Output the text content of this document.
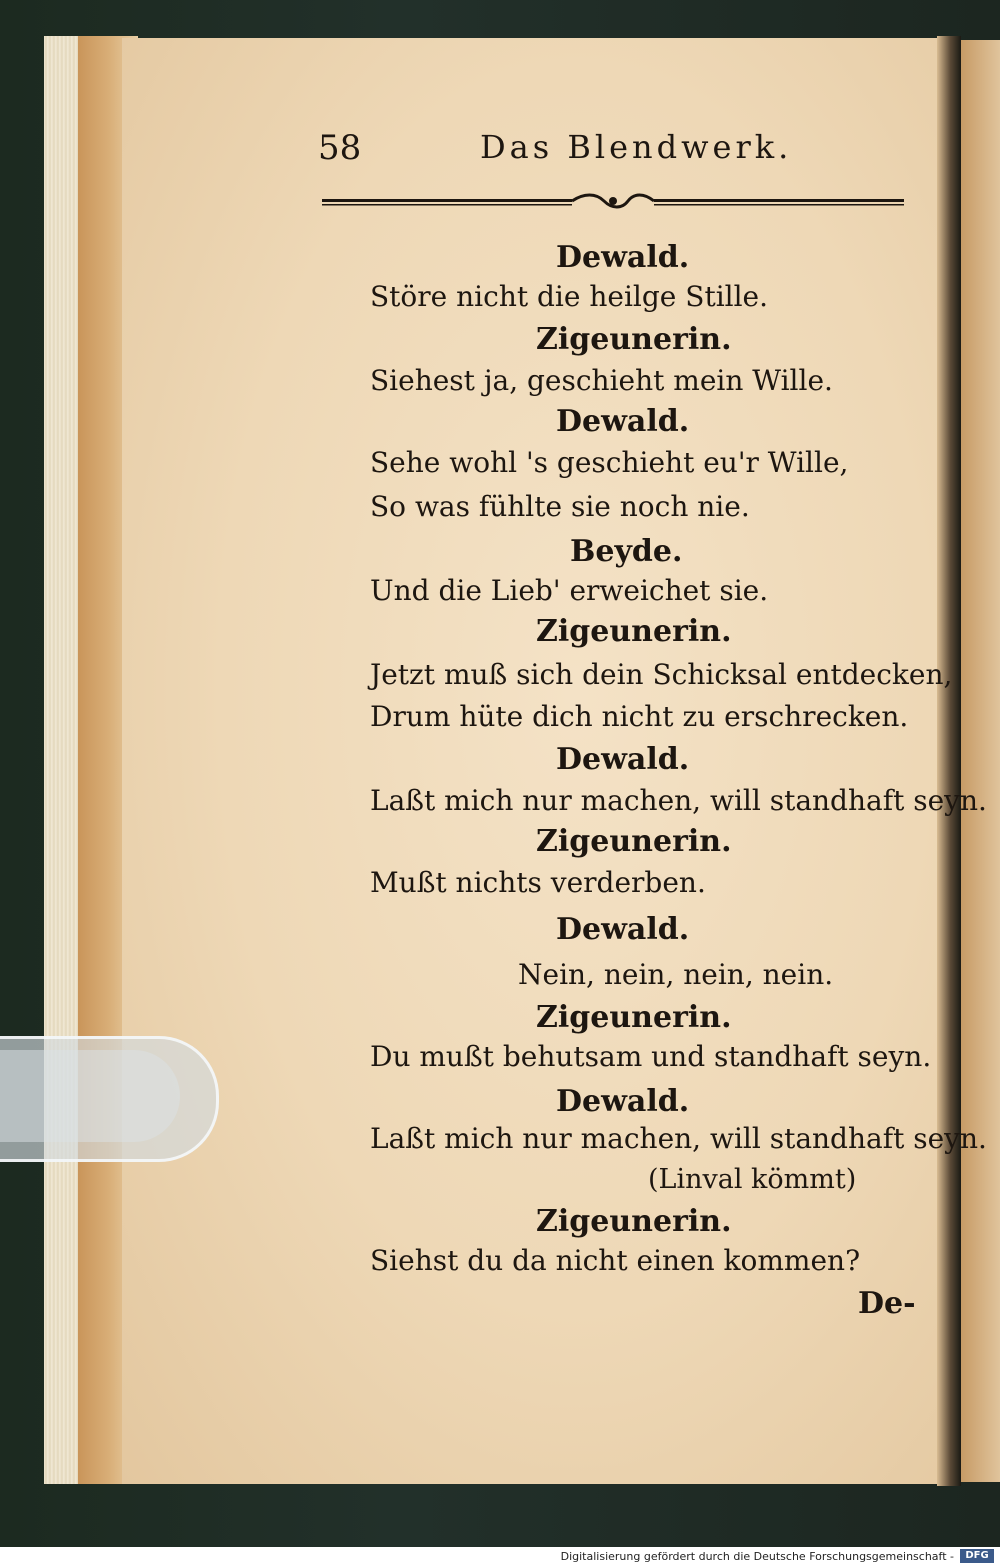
58	Das Blendwerk.
Dewald.
Störe nicht die heilge Stille.
Zigeunerin.
Siehest ja, geschieht mein Wille.
Dewald.
Sehe wohl 's geschieht eu'r Wille,
So was fühlte sie noch nie.
Beyde.
Und die Lieb' erweichet sie.
Zigeunerin.
Jetzt muß sich dein Schicksal entdecken,
Drum hüte dich nicht zu erschrecken.
Dewald.
Laßt mich nur machen, will standhaft seyn.
Zigeunerin.
Mußt nichts verderben.
Dewald.
Nein, nein, nein, nein.
Zigeunerin.
Du mußt behutsam und standhaft seyn.
Dewald.
Laßt mich nur machen, will standhaft seyn.
(Linval kömmt)
Zigeunerin.
Siehst du da nicht einen kommen?
De-
Digitalisierung gefördert durch die Deutsche Forschungsgemeinschaft -	DFG
